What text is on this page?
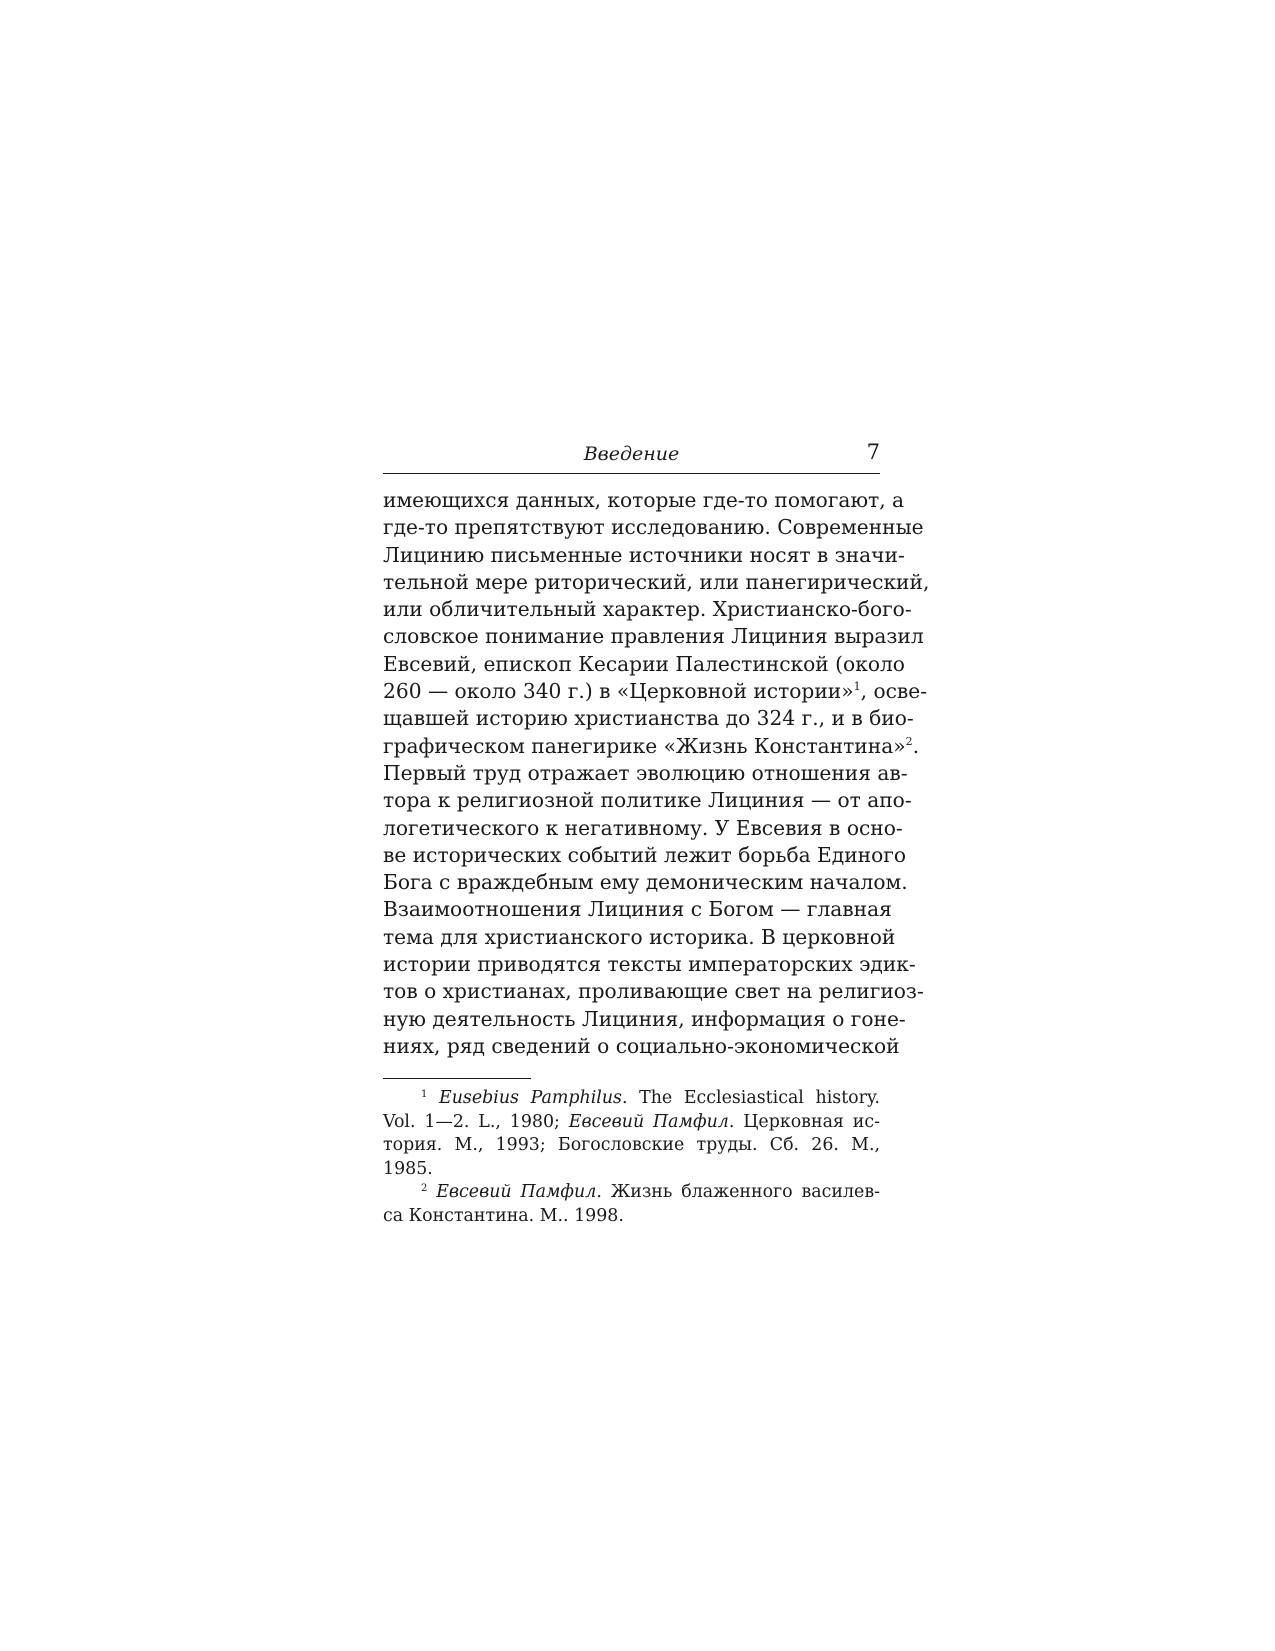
Введение	7
имеющихся данных, которые где-то помогают, а
где-то препятствуют исследованию. Современные
Лицинию письменные источники носят в значи-
тельной мере риторический, или панегирический,
или обличительный характер. Христианско-бого-
словское понимание правления Лициния выразил
Евсевий, епископ Кесарии Палестинской (около
260 — около 340 г.) в «Церковной истории»$^1$, осве-
щавшей историю христианства до 324 г., и в био-
графическом панегирике «Жизнь Константина»$^2$.
Первый труд отражает эволюцию отношения ав-
тора к религиозной политике Лициния — от апо-
логетического к негативному. У Евсевия в осно-
ве исторических событий лежит борьба Единого
Бога с враждебным ему демоническим началом.
Взаимоотношения Лициния с Богом — главная
тема для христианского историка. В церковной
истории приводятся тексты императорских эдик-
тов о христианах, проливающие свет на религиоз-
ную деятельность Лициния, информация о гоне-
ниях, ряд сведений о социально-экономической
$^1$ Eusebius Pamphilus. The Ecclesiastical history.
Vol. 1—2. L., 1980; Евсевий Памфил. Церковная ис-
тория. М., 1993; Богословские труды. Сб. 26. М.,
1985.
$^2$ Евсевий Памфил. Жизнь блаженного василев-
са Константина. М.. 1998.
